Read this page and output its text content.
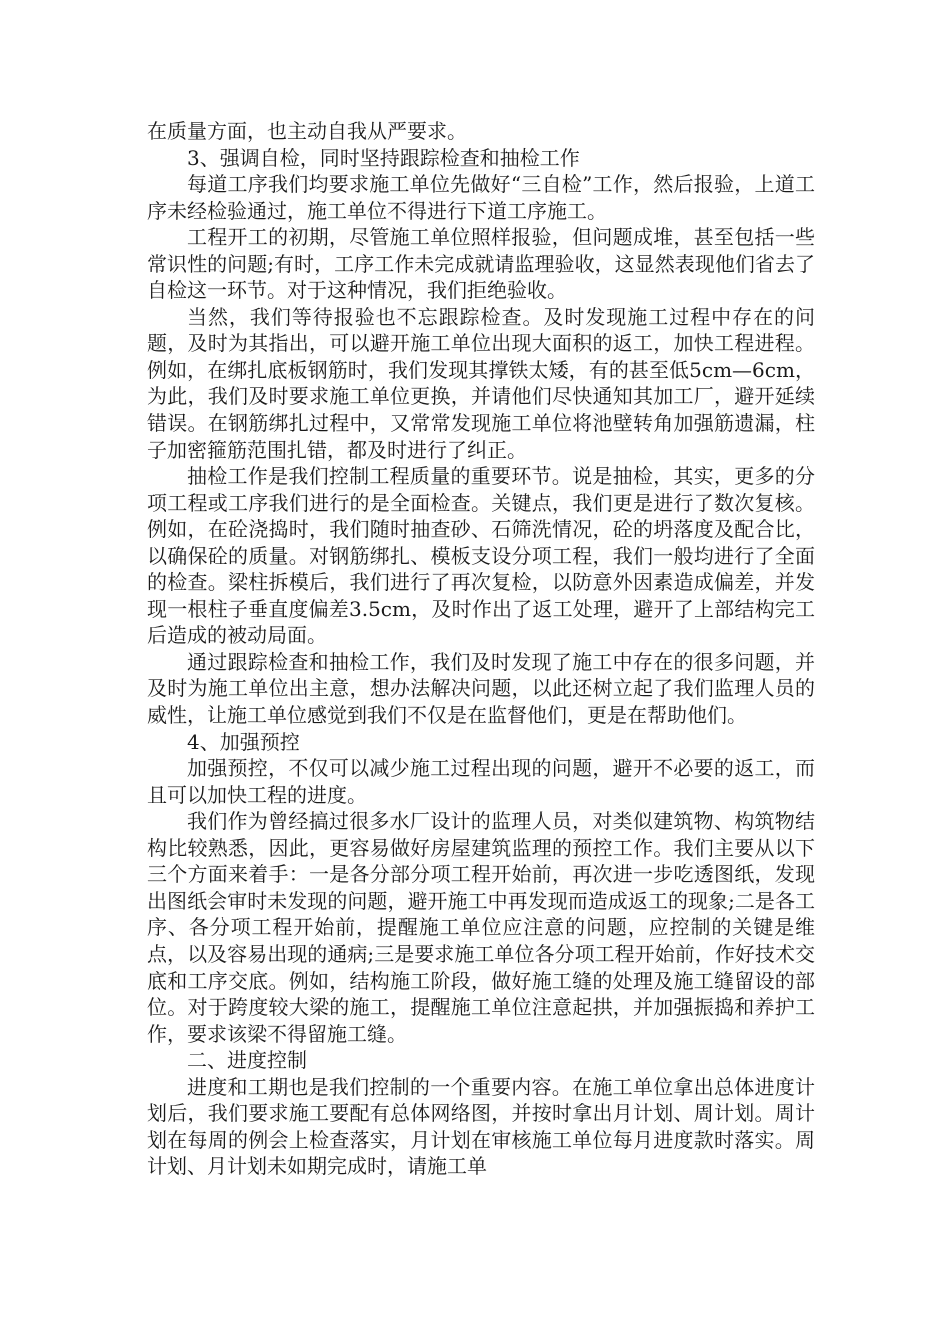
在质量方面，也主动自我从严要求。

3、强调自检，同时坚持跟踪检查和抽检工作

每道工序我们均要求施工单位先做好“三自检”工作，然后报验，上道工序未经检验通过，施工单位不得进行下道工序施工。

工程开工的初期，尽管施工单位照样报验，但问题成堆，甚至包括一些常识性的问题;有时，工序工作未完成就请监理验收，这显然表现他们省去了自检这一环节。对于这种情况，我们拒绝验收。

当然，我们等待报验也不忘跟踪检查。及时发现施工过程中存在的问题，及时为其指出，可以避开施工单位出现大面积的返工，加快工程进程。例如，在绑扎底板钢筋时，我们发现其撑铁太矮，有的甚至低5cm—6cm，为此，我们及时要求施工单位更换，并请他们尽快通知其加工厂，避开延续错误。在钢筋绑扎过程中，又常常发现施工单位将池壁转角加强筋遗漏，柱子加密箍筋范围扎错，都及时进行了纠正。

抽检工作是我们控制工程质量的重要环节。说是抽检，其实，更多的分项工程或工序我们进行的是全面检查。关键点，我们更是进行了数次复核。例如，在砼浇捣时，我们随时抽查砂、石筛洗情况，砼的坍落度及配合比，以确保砼的质量。对钢筋绑扎、模板支设分项工程，我们一般均进行了全面的检查。梁柱拆模后，我们进行了再次复检，以防意外因素造成偏差，并发现一根柱子垂直度偏差3.5cm，及时作出了返工处理，避开了上部结构完工后造成的被动局面。

通过跟踪检查和抽检工作，我们及时发现了施工中存在的很多问题，并及时为施工单位出主意，想办法解决问题，以此还树立起了我们监理人员的威性，让施工单位感觉到我们不仅是在监督他们，更是在帮助他们。

4、加强预控

加强预控，不仅可以减少施工过程出现的问题，避开不必要的返工，而且可以加快工程的进度。

我们作为曾经搞过很多水厂设计的监理人员，对类似建筑物、构筑物结构比较熟悉，因此，更容易做好房屋建筑监理的预控工作。我们主要从以下三个方面来着手：一是各分部分项工程开始前，再次进一步吃透图纸，发现出图纸会审时未发现的问题，避开施工中再发现而造成返工的现象;二是各工序、各分项工程开始前，提醒施工单位应注意的问题，应控制的关键是维点，以及容易出现的通病;三是要求施工单位各分项工程开始前，作好技术交底和工序交底。例如，结构施工阶段，做好施工缝的处理及施工缝留设的部位。对于跨度较大梁的施工，提醒施工单位注意起拱，并加强振捣和养护工作，要求该梁不得留施工缝。

二、进度控制

进度和工期也是我们控制的一个重要内容。在施工单位拿出总体进度计划后，我们要求施工要配有总体网络图，并按时拿出月计划、周计划。周计划在每周的例会上检查落实，月计划在审核施工单位每月进度款时落实。周计划、月计划未如期完成时，请施工单
